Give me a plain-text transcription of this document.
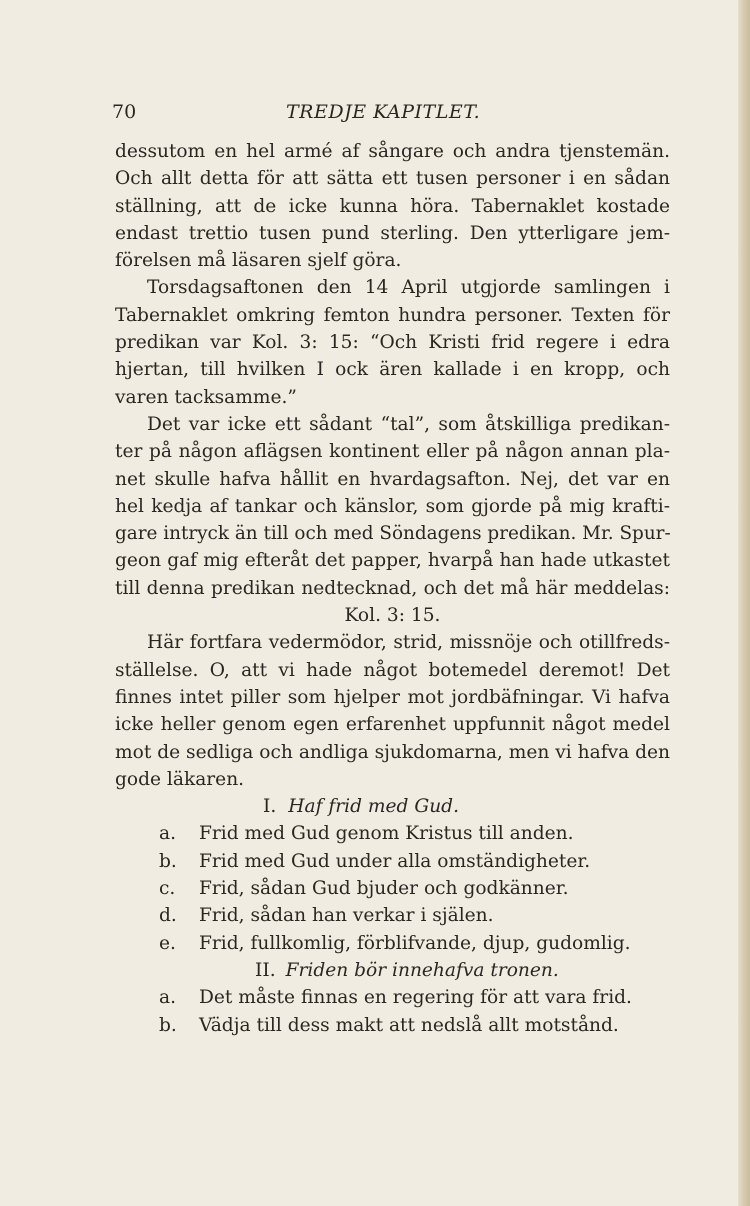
70	TREDJE KAPITLET.
dessutom en hel armé af sångare och andra tjenstemän.
Och allt detta för att sätta ett tusen personer i en sådan
ställning, att de icke kunna höra. Tabernaklet kostade
endast trettio tusen pund sterling. Den ytterligare jem-
förelsen må läsaren sjelf göra.
Torsdagsaftonen den 14 April utgjorde samlingen i
Tabernaklet omkring femton hundra personer. Texten för
predikan var Kol. 3: 15: “Och Kristi frid regere i edra
hjertan, till hvilken I ock ären kallade i en kropp, och
varen tacksamme.”
Det var icke ett sådant “tal”, som åtskilliga predikan-
ter på någon aflägsen kontinent eller på någon annan pla-
net skulle hafva hållit en hvardagsafton. Nej, det var en
hel kedja af tankar och känslor, som gjorde på mig krafti-
gare intryck än till och med Söndagens predikan. Mr. Spur-
geon gaf mig efteråt det papper, hvarpå han hade utkastet
till denna predikan nedtecknad, och det må här meddelas:
Kol. 3: 15.
Här fortfara vedermödor, strid, missnöje och otillfreds-
ställelse. O, att vi hade något botemedel deremot! Det
finnes intet piller som hjelper mot jordbäfningar. Vi hafva
icke heller genom egen erfarenhet uppfunnit något medel
mot de sedliga och andliga sjukdomarna, men vi hafva den
gode läkaren.
I. Haf frid med Gud.
a. Frid med Gud genom Kristus till anden.
b. Frid med Gud under alla omständigheter.
c. Frid, sådan Gud bjuder och godkänner.
d. Frid, sådan han verkar i själen.
e. Frid, fullkomlig, förblifvande, djup, gudomlig.
II. Friden bör innehafva tronen.
a. Det måste finnas en regering för att vara frid.
b. Vädja till dess makt att nedslå allt motstånd.
